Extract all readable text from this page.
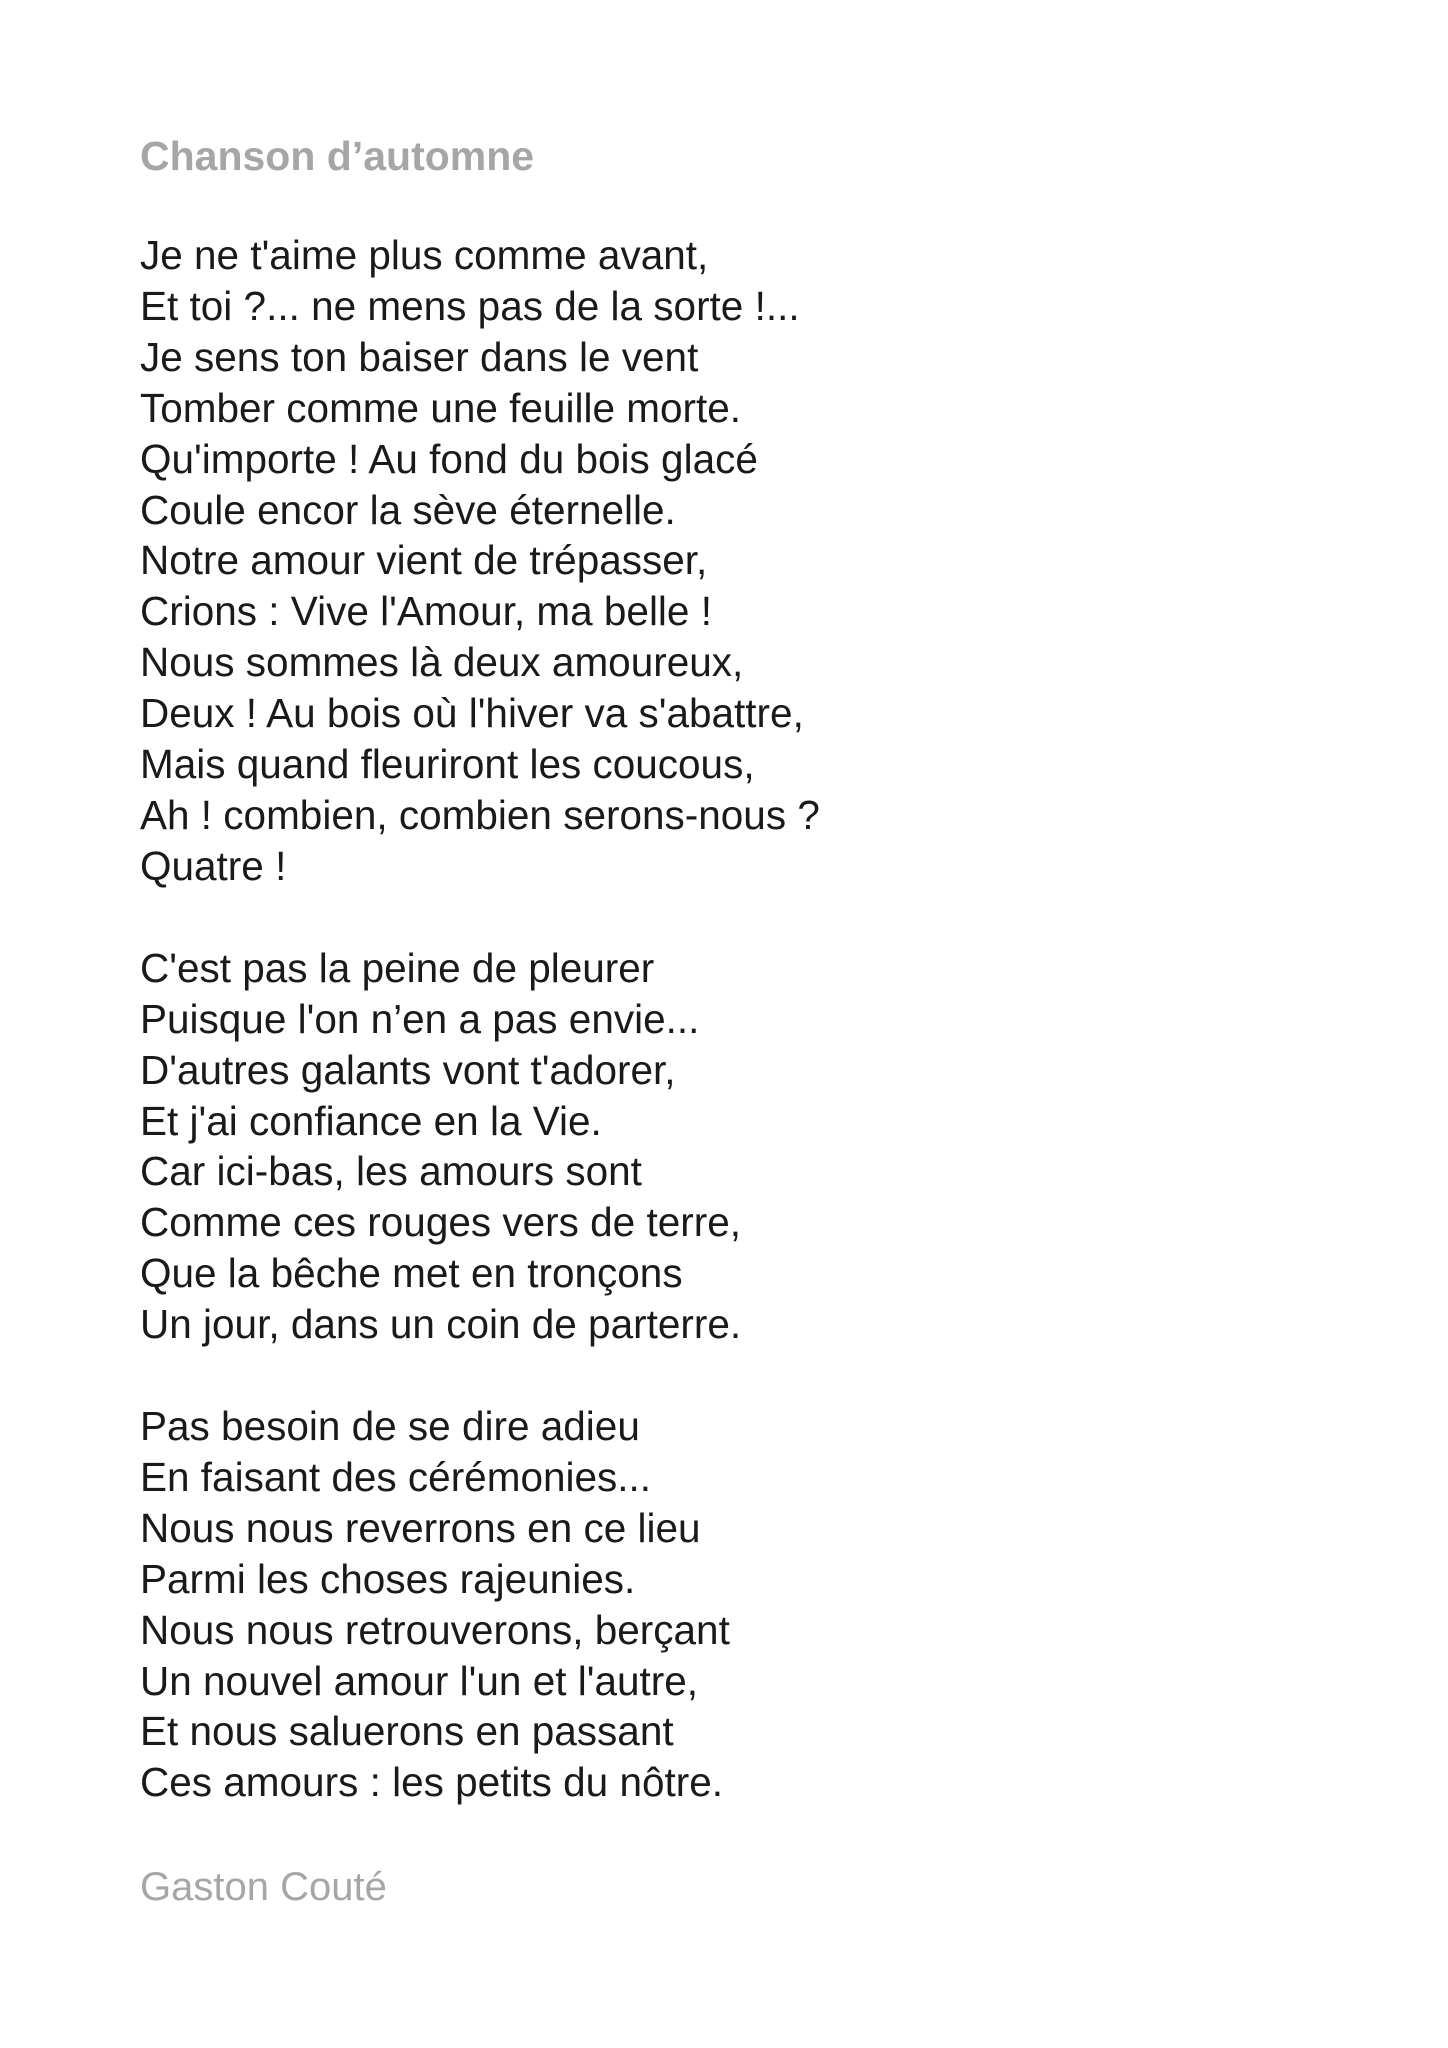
Chanson d’automne
Je ne t'aime plus comme avant,
Et toi ?... ne mens pas de la sorte !...
Je sens ton baiser dans le vent
Tomber comme une feuille morte.
Qu'importe ! Au fond du bois glacé
Coule encor la sève éternelle.
Notre amour vient de trépasser,
Crions : Vive l'Amour, ma belle !
Nous sommes là deux amoureux,
Deux ! Au bois où l'hiver va s'abattre,
Mais quand fleuriront les coucous,
Ah ! combien, combien serons-nous ?
Quatre !
C'est pas la peine de pleurer
Puisque l'on n’en a pas envie...
D'autres galants vont t'adorer,
Et j'ai confiance en la Vie.
Car ici-bas, les amours sont
Comme ces rouges vers de terre,
Que la bêche met en tronçons
Un jour, dans un coin de parterre.
Pas besoin de se dire adieu
En faisant des cérémonies...
Nous nous reverrons en ce lieu
Parmi les choses rajeunies.
Nous nous retrouverons, berçant
Un nouvel amour l'un et l'autre,
Et nous saluerons en passant
Ces amours : les petits du nôtre.
Gaston Couté
